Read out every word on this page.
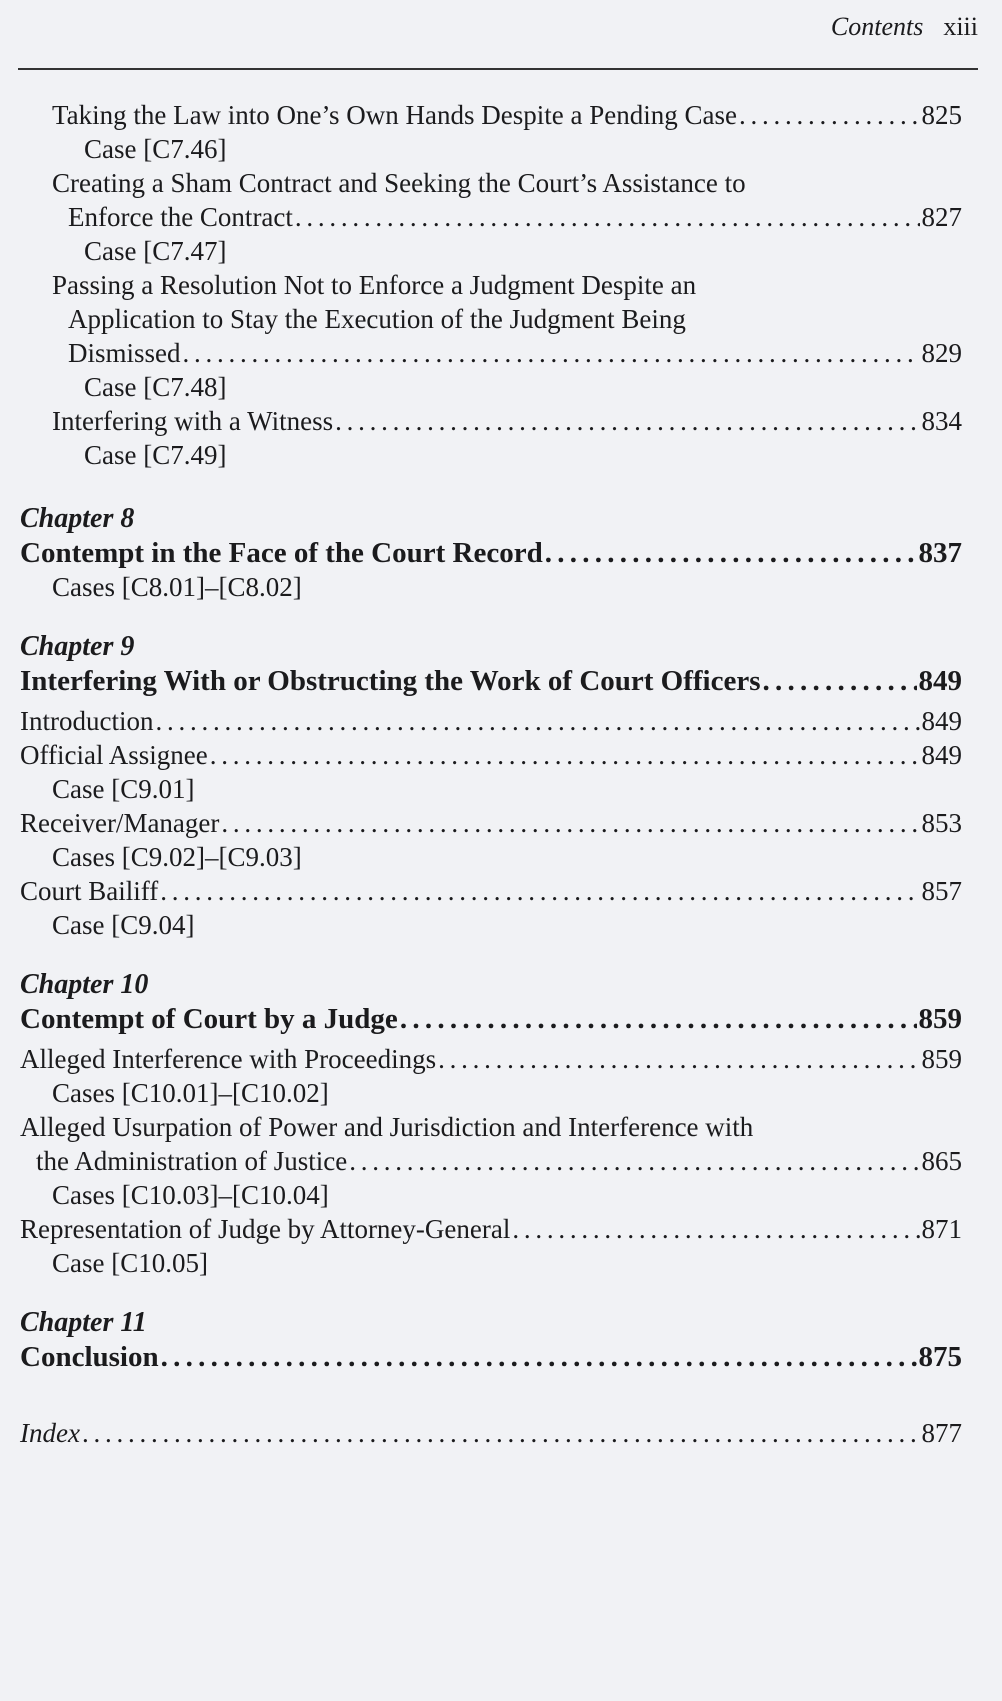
Contents xiii
Taking the Law into One’s Own Hands Despite a Pending Case . . .	825
Case [C7.46]
Creating a Sham Contract and Seeking the Court’s Assistance to
Enforce the Contract . . .	827
Case [C7.47]
Passing a Resolution Not to Enforce a Judgment Despite an
Application to Stay the Execution of the Judgment Being
Dismissed . . .	829
Case [C7.48]
Interfering with a Witness . . .	834
Case [C7.49]
Chapter 8
Contempt in the Face of the Court Record . . .	837
Cases [C8.01]–[C8.02]
Chapter 9
Interfering With or Obstructing the Work of Court Officers . . .	849
Introduction . . .	849
Official Assignee . . .	849
Case [C9.01]
Receiver/Manager . . .	853
Cases [C9.02]–[C9.03]
Court Bailiff . . .	857
Case [C9.04]
Chapter 10
Contempt of Court by a Judge . . .	859
Alleged Interference with Proceedings . . .	859
Cases [C10.01]–[C10.02]
Alleged Usurpation of Power and Jurisdiction and Interference with
the Administration of Justice . . .	865
Cases [C10.03]–[C10.04]
Representation of Judge by Attorney-General . . .	871
Case [C10.05]
Chapter 11
Conclusion . . .	875
Index . . .	877
